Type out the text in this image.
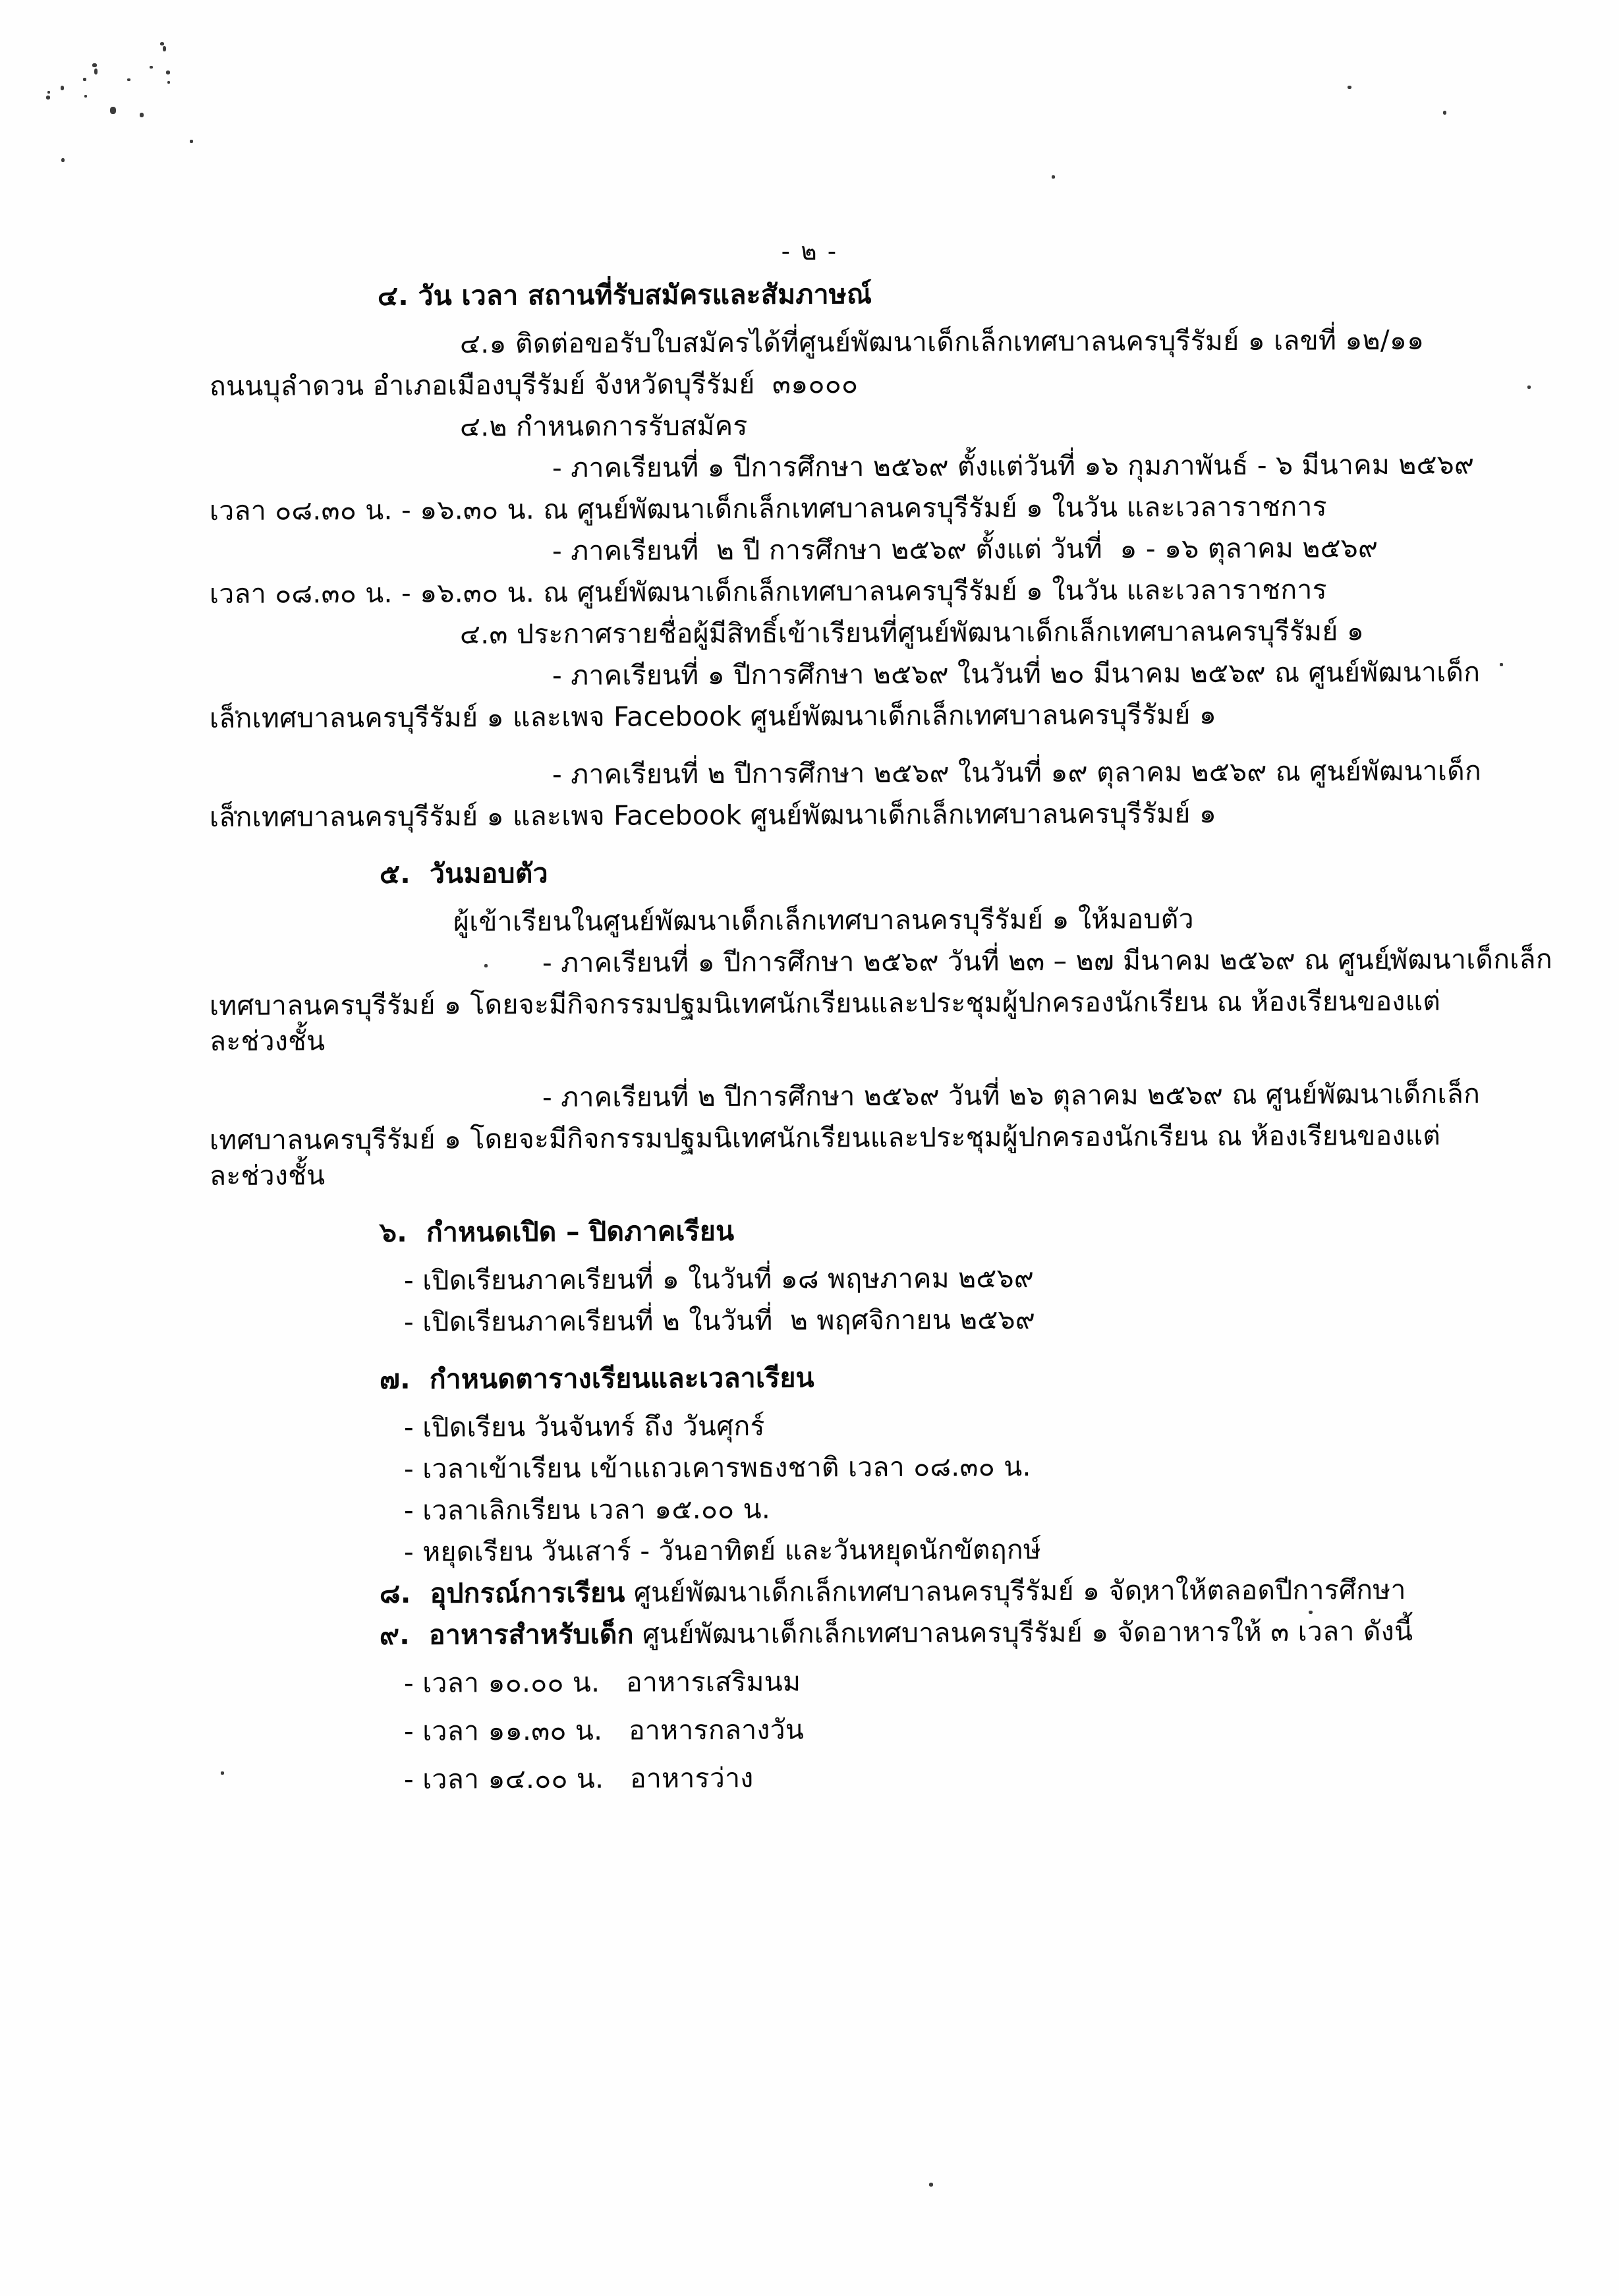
- ๒ -
๔. วัน เวลา สถานที่รับสมัครและสัมภาษณ์
๔.๑ ติดต่อขอรับใบสมัครได้ที่ศูนย์พัฒนาเด็กเล็กเทศบาลนครบุรีรัมย์ ๑ เลขที่ ๑๒/๑๑
ถนนบุลำดวน อำเภอเมืองบุรีรัมย์ จังหวัดบุรีรัมย์  ๓๑๐๐๐
๔.๒ กำหนดการรับสมัคร
- ภาคเรียนที่ ๑ ปีการศึกษา ๒๕๖๙ ตั้งแต่วันที่ ๑๖ กุมภาพันธ์ - ๖ มีนาคม ๒๕๖๙
เวลา ๐๘.๓๐ น. - ๑๖.๓๐ น. ณ ศูนย์พัฒนาเด็กเล็กเทศบาลนครบุรีรัมย์ ๑ ในวัน และเวลาราชการ
- ภาคเรียนที่  ๒ ปี การศึกษา ๒๕๖๙ ตั้งแต่ วันที่  ๑ - ๑๖ ตุลาคม ๒๕๖๙
เวลา ๐๘.๓๐ น. - ๑๖.๓๐ น. ณ ศูนย์พัฒนาเด็กเล็กเทศบาลนครบุรีรัมย์ ๑ ในวัน และเวลาราชการ
๔.๓ ประกาศรายชื่อผู้มีสิทธิ์เข้าเรียนที่ศูนย์พัฒนาเด็กเล็กเทศบาลนครบุรีรัมย์ ๑
- ภาคเรียนที่ ๑ ปีการศึกษา ๒๕๖๙ ในวันที่ ๒๐ มีนาคม ๒๕๖๙ ณ ศูนย์พัฒนาเด็ก
เล็กเทศบาลนครบุรีรัมย์ ๑ และเพจ Facebook ศูนย์พัฒนาเด็กเล็กเทศบาลนครบุรีรัมย์ ๑
- ภาคเรียนที่ ๒ ปีการศึกษา ๒๕๖๙ ในวันที่ ๑๙ ตุลาคม ๒๕๖๙ ณ ศูนย์พัฒนาเด็ก
เล็กเทศบาลนครบุรีรัมย์ ๑ และเพจ Facebook ศูนย์พัฒนาเด็กเล็กเทศบาลนครบุรีรัมย์ ๑
๕.  วันมอบตัว
ผู้เข้าเรียนในศูนย์พัฒนาเด็กเล็กเทศบาลนครบุรีรัมย์ ๑ ให้มอบตัว
- ภาคเรียนที่ ๑ ปีการศึกษา ๒๕๖๙ วันที่ ๒๓ – ๒๗ มีนาคม ๒๕๖๙ ณ ศูนย์พัฒนาเด็กเล็ก
เทศบาลนครบุรีรัมย์ ๑ โดยจะมีกิจกรรมปฐมนิเทศนักเรียนและประชุมผู้ปกครองนักเรียน ณ ห้องเรียนของแต่
ละช่วงชั้น
- ภาคเรียนที่ ๒ ปีการศึกษา ๒๕๖๙ วันที่ ๒๖ ตุลาคม ๒๕๖๙ ณ ศูนย์พัฒนาเด็กเล็ก
เทศบาลนครบุรีรัมย์ ๑ โดยจะมีกิจกรรมปฐมนิเทศนักเรียนและประชุมผู้ปกครองนักเรียน ณ ห้องเรียนของแต่
ละช่วงชั้น
๖.  กำหนดเปิด – ปิดภาคเรียน
- เปิดเรียนภาคเรียนที่ ๑ ในวันที่ ๑๘ พฤษภาคม ๒๕๖๙
- เปิดเรียนภาคเรียนที่ ๒ ในวันที่  ๒ พฤศจิกายน ๒๕๖๙
๗.  กำหนดตารางเรียนและเวลาเรียน
- เปิดเรียน วันจันทร์ ถึง วันศุกร์
- เวลาเข้าเรียน เข้าแถวเคารพธงชาติ เวลา ๐๘.๓๐ น.
- เวลาเลิกเรียน เวลา ๑๕.๐๐ น.
- หยุดเรียน วันเสาร์ - วันอาทิตย์ และวันหยุดนักขัตฤกษ์
๘.  อุปกรณ์การเรียน ศูนย์พัฒนาเด็กเล็กเทศบาลนครบุรีรัมย์ ๑ จัดหาให้ตลอดปีการศึกษา
๙.  อาหารสำหรับเด็ก ศูนย์พัฒนาเด็กเล็กเทศบาลนครบุรีรัมย์ ๑ จัดอาหารให้ ๓ เวลา ดังนี้
- เวลา ๑๐.๐๐ น.   อาหารเสริมนม
- เวลา ๑๑.๓๐ น.   อาหารกลางวัน
- เวลา ๑๔.๐๐ น.   อาหารว่าง
